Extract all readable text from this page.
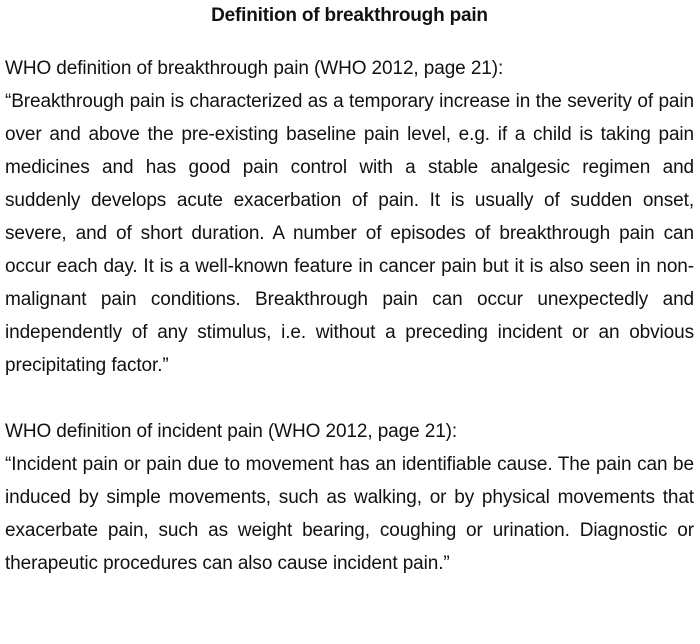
Definition of breakthrough pain

WHO definition of breakthrough pain (WHO 2012, page 21):

“Breakthrough pain is characterized as a temporary increase in the severity of pain over and above the pre-existing baseline pain level, e.g. if a child is taking pain medicines and has good pain control with a stable analgesic regimen and suddenly develops acute exacerbation of pain. It is usually of sudden onset, severe, and of short duration. A number of episodes of breakthrough pain can occur each day. It is a well-known feature in cancer pain but it is also seen in non-malignant pain conditions. Breakthrough pain can occur unexpectedly and independently of any stimulus, i.e. without a preceding incident or an obvious precipitating factor.”

WHO definition of incident pain (WHO 2012, page 21):

“Incident pain or pain due to movement has an identifiable cause. The pain can be induced by simple movements, such as walking, or by physical movements that exacerbate pain, such as weight bearing, coughing or urination. Diagnostic or therapeutic procedures can also cause incident pain.”
